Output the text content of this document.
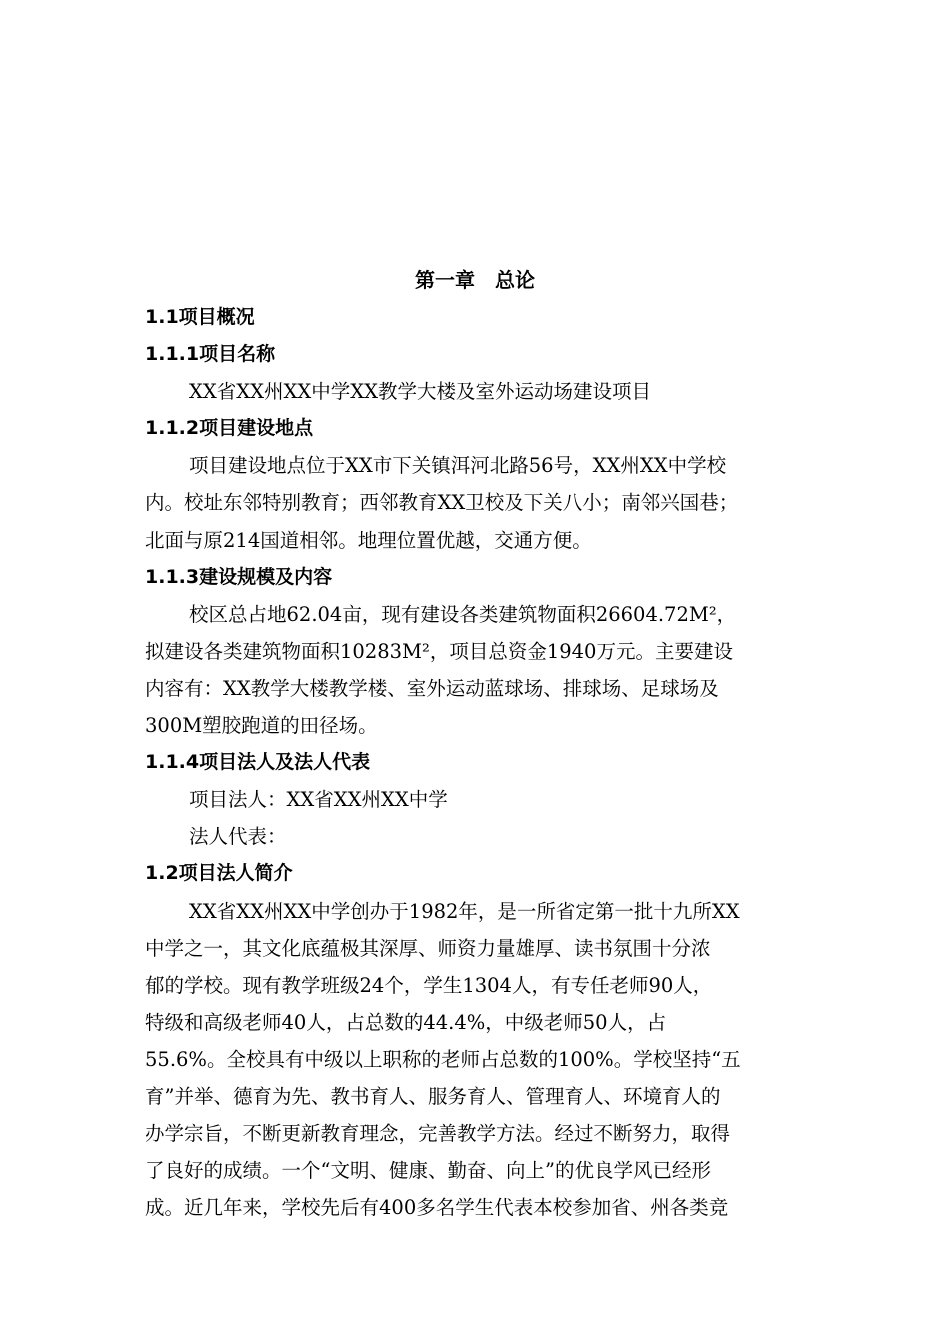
第一章　总论

1.1项目概况

1.1.1项目名称

XX省XX州XX中学XX教学大楼及室外运动场建设项目

1.1.2项目建设地点

项目建设地点位于XX市下关镇洱河北路56号，XX州XX中学校

内。校址东邻特别教育；西邻教育XX卫校及下关八小；南邻兴国巷；

北面与原214国道相邻。地理位置优越，交通方便。

1.1.3建设规模及内容

校区总占地62.04亩，现有建设各类建筑物面积26604.72M²，

拟建设各类建筑物面积10283M²，项目总资金1940万元。主要建设

内容有：XX教学大楼教学楼、室外运动蓝球场、排球场、足球场及

300M塑胶跑道的田径场。

1.1.4项目法人及法人代表

项目法人：XX省XX州XX中学

法人代表：

1.2项目法人简介

XX省XX州XX中学创办于1982年，是一所省定第一批十九所XX

中学之一，其文化底蕴极其深厚、师资力量雄厚、读书氛围十分浓

郁的学校。现有教学班级24个，学生1304人，有专任老师90人，

特级和高级老师40人，占总数的44.4%，中级老师50人，占

55.6%。全校具有中级以上职称的老师占总数的100%。学校坚持“五

育”并举、德育为先、教书育人、服务育人、管理育人、环境育人的

办学宗旨，不断更新教育理念，完善教学方法。经过不断努力，取得

了良好的成绩。一个“文明、健康、勤奋、向上”的优良学风已经形

成。近几年来，学校先后有400多名学生代表本校参加省、州各类竞
